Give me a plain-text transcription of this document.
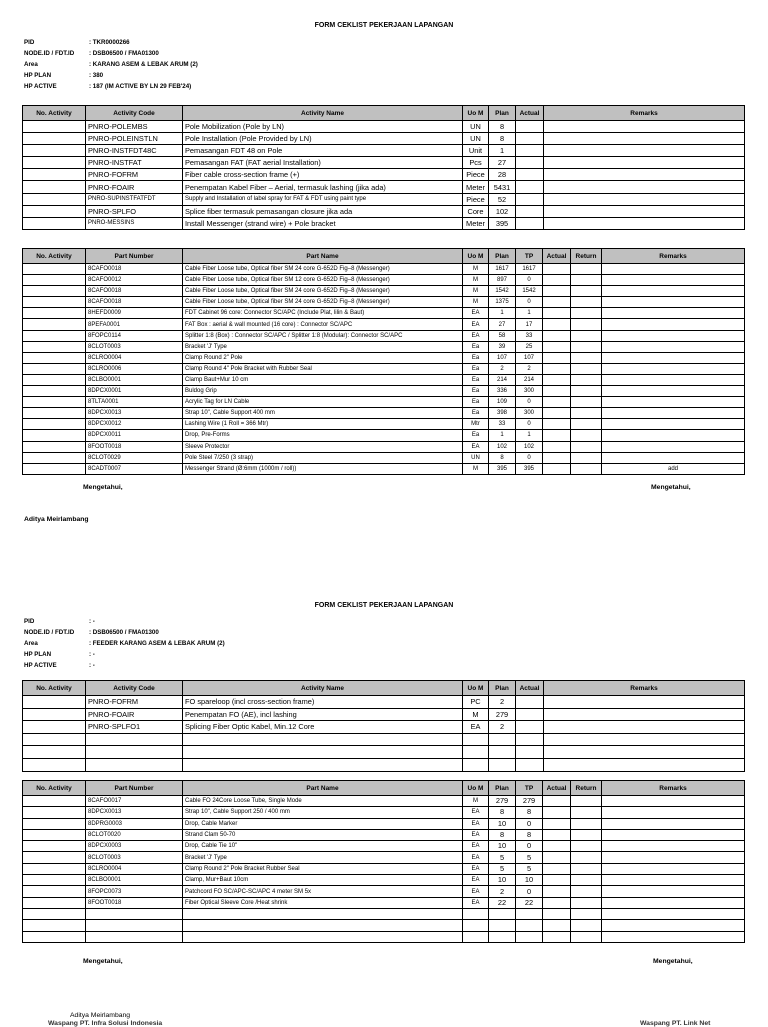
FORM CEKLIST PEKERJAAN LAPANGAN
PID	: TKR0000266
NODE.ID / FDT.ID : DSB06500 / FMA01300
Area	: KARANG ASEM & LEBAK ARUM (2)
HP PLAN	: 380
HP ACTIVE	: 187 (IM ACTIVE BY LN 29 FEB'24)
No. Activity	Activity Code	Activity Name	Uo M	Plan	Actual	Remarks
	PNRO-POLEMBS	Pole Mobilization (Pole by LN)	UN	8		
	PNRO-POLEINSTLN	Pole Installation (Pole Provided by LN)	UN	8		
	PNRO-INSTFDT48C	Pemasangan FDT 48 on Pole	Unit	1		
	PNRO-INSTFAT	Pemasangan FAT (FAT aerial Installation)	Pcs	27		
	PNRO-FOFRM	Fiber cable cross-section frame (+)	Piece	28		
	PNRO-FOAIR	Penempatan Kabel Fiber – Aerial, termasuk lashing (jika ada)	Meter	5431		
	PNRO-SUPINSTFATFDT	Supply and Installation of label spray for FAT & FDT using paint type	Piece	52		
	PNRO-SPLFO	Splice fiber termasuk pemasangan closure jika ada	Core	102		
	PNRO-MESSINS	Install Messenger (strand wire) + Pole bracket	Meter	395		
No. Activity	Part Number	Part Name	Uo M	Plan	TP	Actual	Return	Remarks
	8CAFO0018	Cable Fiber Loose tube, Optical fiber SM 24 core G-652D Fig–8 (Messenger)	M	1617	1617			
	8CAFO0012	Cable Fiber Loose tube, Optical fiber SM 12 core G-652D Fig–8 (Messenger)	M	897	0			
	8CAFO0018	Cable Fiber Loose tube, Optical fiber SM 24 core G-652D Fig–8 (Messenger)	M	1542	1542			
	8CAFO0018	Cable Fiber Loose tube, Optical fiber SM 24 core G-652D Fig–8 (Messenger)	M	1375	0			
	8HEFD0009	FDT Cabinet 96 core: Connector SC/APC (Include Plat, lilin & Baut)	EA	1	1			
	8PEFA0001	FAT Box : aerial & wall mounted (16 core) : Connector SC/APC	EA	27	17			
	8FOPC0114	Splitter 1:8 (Box) : Connector SC/APC / Splitter 1:8 (Modular): Connector SC/APC	EA	58	33			
	8CLOT0003	Bracket 'J' Type	Ea	39	25			
	8CLRO0004	Clamp Round 2" Pole	Ea	107	107			
	8CLRO0006	Clamp Round 4" Pole Bracket with Rubber Seal	Ea	2	2			
	8CLBO0001	Clamp Baut+Mur 10 cm	Ea	214	214			
	8DPCX0001	Buldog Grip	Ea	336	300			
	8TLTA0001	Acrylic Tag for LN Cable	Ea	109	0			
	8DPCX0013	Strap 10", Cable Support 400 mm	Ea	398	300			
	8DPCX0012	Lashing Wire (1 Roll = 366 Mtr)	Mtr	33	0			
	8DPCX0011	Drop, Pre-Forms	Ea	1	1			
	8FOOT0018	Sleeve Protector	EA	102	102			
	8CLOT0029	Pole Steel 7/250 (3 strap)	UN	8	0			
	8CADT0007	Messenger Strand (Ø:6mm (1000m / roll))	M	395	395			add
Mengetahui,	Mengetahui,
Aditya Meirlambang
FORM CEKLIST PEKERJAAN LAPANGAN
PID	: -
NODE.ID / FDT.ID : DSB06500 / FMA01300
Area	: FEEDER KARANG ASEM & LEBAK ARUM (2)
HP PLAN	: -
HP ACTIVE	: -
No. Activity	Activity Code	Activity Name	Uo M	Plan	Actual	Remarks
	PNRO-FOFRM	FO spareloop (incl cross-section frame)	PC	2		
	PNRO-FOAIR	Penempatan FO (AE), incl lashing	M	279		
	PNRO-SPLFO1	Splicing Fiber Optic Kabel, Min.12 Core	EA	2		

No. Activity	Part Number	Part Name	Uo M	Plan	TP	Actual	Return	Remarks
	8CAFO0017	Cable FO 24Core Loose Tube, Single Mode	M	279	279			
	8DPCX0013	Strap 10", Cable Support 250 / 400 mm	EA	8	8			
	8DPRG0003	Drop, Cable Marker	EA	10	0			
	8CLOT0020	Strand Clam 50-70	EA	8	8			
	8DPCX0003	Drop, Cable Tie 10"	EA	10	0			
	8CLOT0003	Bracket 'J' Type	EA	5	5			
	8CLRO0004	Clamp Round 2" Pole Bracket Rubber Seal	EA	5	5			
	8CLBO0001	Clamp, Mur+Baut 10cm	EA	10	10			
	8FOPC0073	Patchcord FO SC/APC-SC/APC 4 meter SM 5x	EA	2	0			
	8FOOT0018	Fiber Optical Sleeve Core /Heat shrink	EA	22	22			

Mengetahui,	Mengetahui,
Aditya Meirlambang
Waspang PT. Infra Solusi Indonesia	Waspang PT. Link Net
